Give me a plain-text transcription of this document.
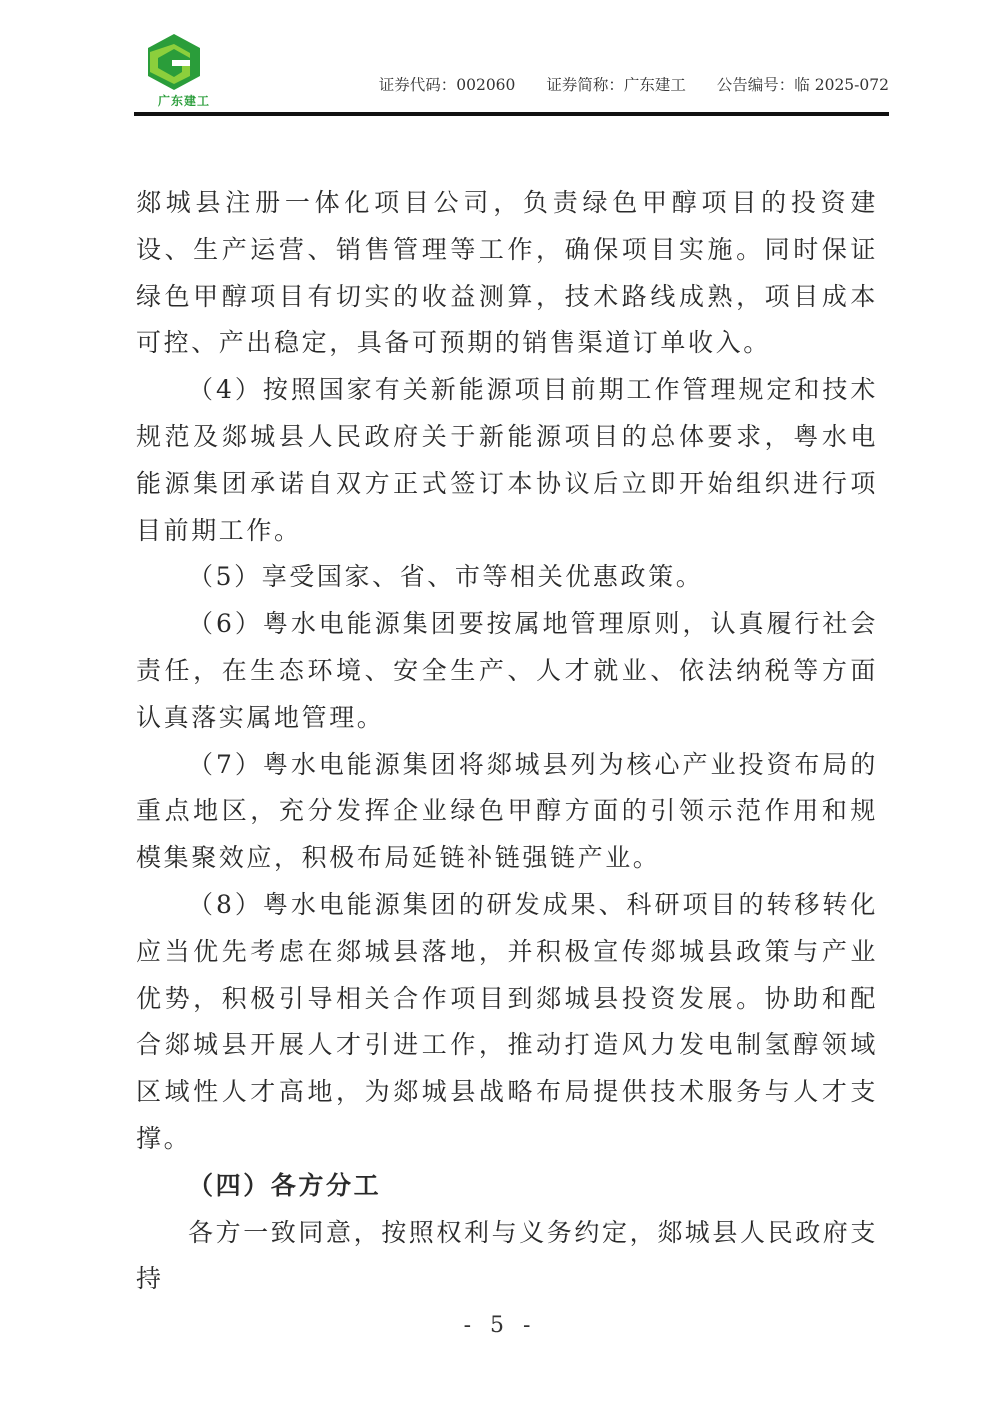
广东建工
证券代码：002060 证券简称：广东建工 公告编号：临 2025-072

郯城县注册一体化项目公司，负责绿色甲醇项目的投资建设、生产运营、销售管理等工作，确保项目实施。同时保证绿色甲醇项目有切实的收益测算，技术路线成熟，项目成本可控、产出稳定，具备可预期的销售渠道订单收入。

（4）按照国家有关新能源项目前期工作管理规定和技术规范及郯城县人民政府关于新能源项目的总体要求，粤水电能源集团承诺自双方正式签订本协议后立即开始组织进行项目前期工作。

（5）享受国家、省、市等相关优惠政策。

（6）粤水电能源集团要按属地管理原则，认真履行社会责任，在生态环境、安全生产、人才就业、依法纳税等方面认真落实属地管理。

（7）粤水电能源集团将郯城县列为核心产业投资布局的重点地区，充分发挥企业绿色甲醇方面的引领示范作用和规模集聚效应，积极布局延链补链强链产业。

（8）粤水电能源集团的研发成果、科研项目的转移转化应当优先考虑在郯城县落地，并积极宣传郯城县政策与产业优势，积极引导相关合作项目到郯城县投资发展。协助和配合郯城县开展人才引进工作，推动打造风力发电制氢醇领域区域性人才高地，为郯城县战略布局提供技术服务与人才支撑。

（四）各方分工

各方一致同意，按照权利与义务约定，郯城县人民政府支持

- 5 -
